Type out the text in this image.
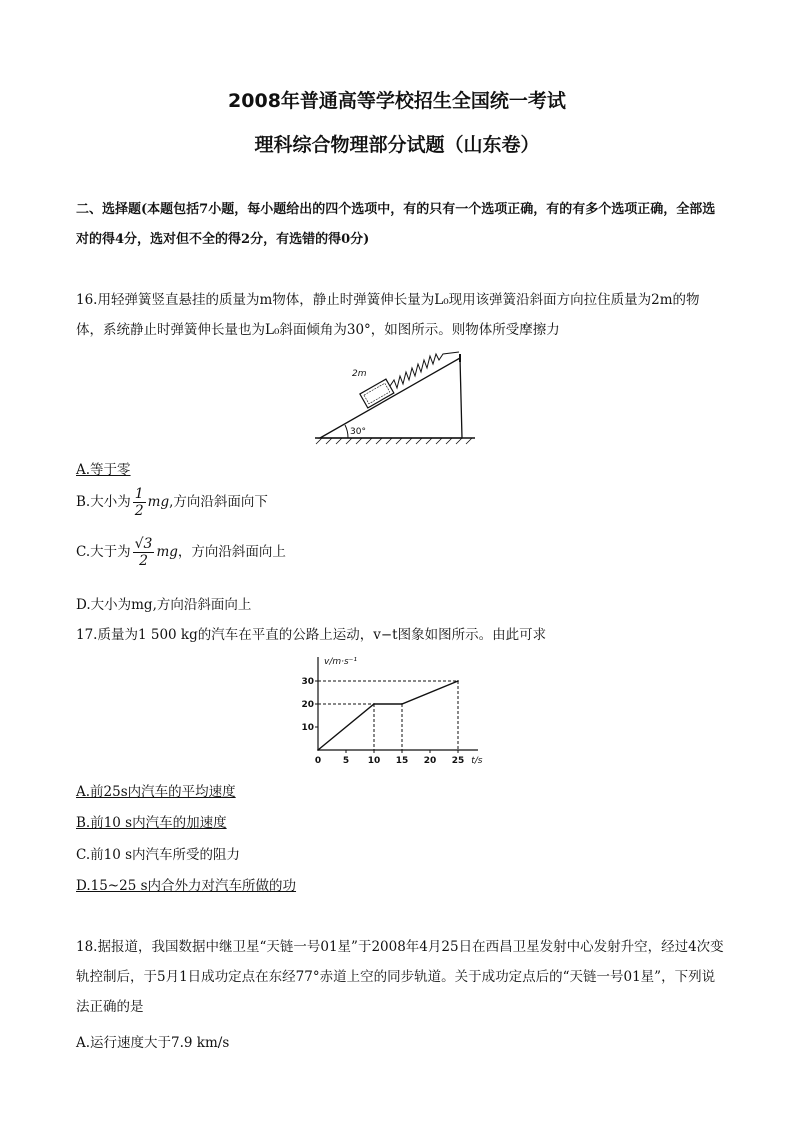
2008年普通高等学校招生全国统一考试
理科综合物理部分试题（山东卷）
二、选择题(本题包括7小题，每小题给出的四个选项中，有的只有一个选项正确，有的有多个选项正确，全部选对的得4分，选对但不全的得2分，有选错的得0分)
16.用轻弹簧竖直悬挂的质量为m物体，静止时弹簧伸长量为L₀现用该弹簧沿斜面方向拉住质量为2m的物体，系统静止时弹簧伸长量也为L₀斜面倾角为30°，如图所示。则物体所受摩擦力
30°
2m
A.等于零
B.大小为 $\frac{1}{2}$ mg,方向沿斜面向下
C.大于为 $\frac{√3}{2}$ mg，方向沿斜面向上
D.大小为mg,方向沿斜面向上
17.质量为1 500 kg的汽车在平直的公路上运动，v−t图象如图所示。由此可求
10
20
30
0 5 10 15 20 25
v/m·s⁻¹
t/s
A.前25s内汽车的平均速度
B.前10 s内汽车的加速度
C.前10 s内汽车所受的阻力
D.15~25 s内合外力对汽车所做的功
18.据报道，我国数据中继卫星“天链一号01星”于2008年4月25日在西昌卫星发射中心发射升空，经过4次变轨控制后，于5月1日成功定点在东经77°赤道上空的同步轨道。关于成功定点后的“天链一号01星”，下列说法正确的是
A.运行速度大于7.9 km/s
